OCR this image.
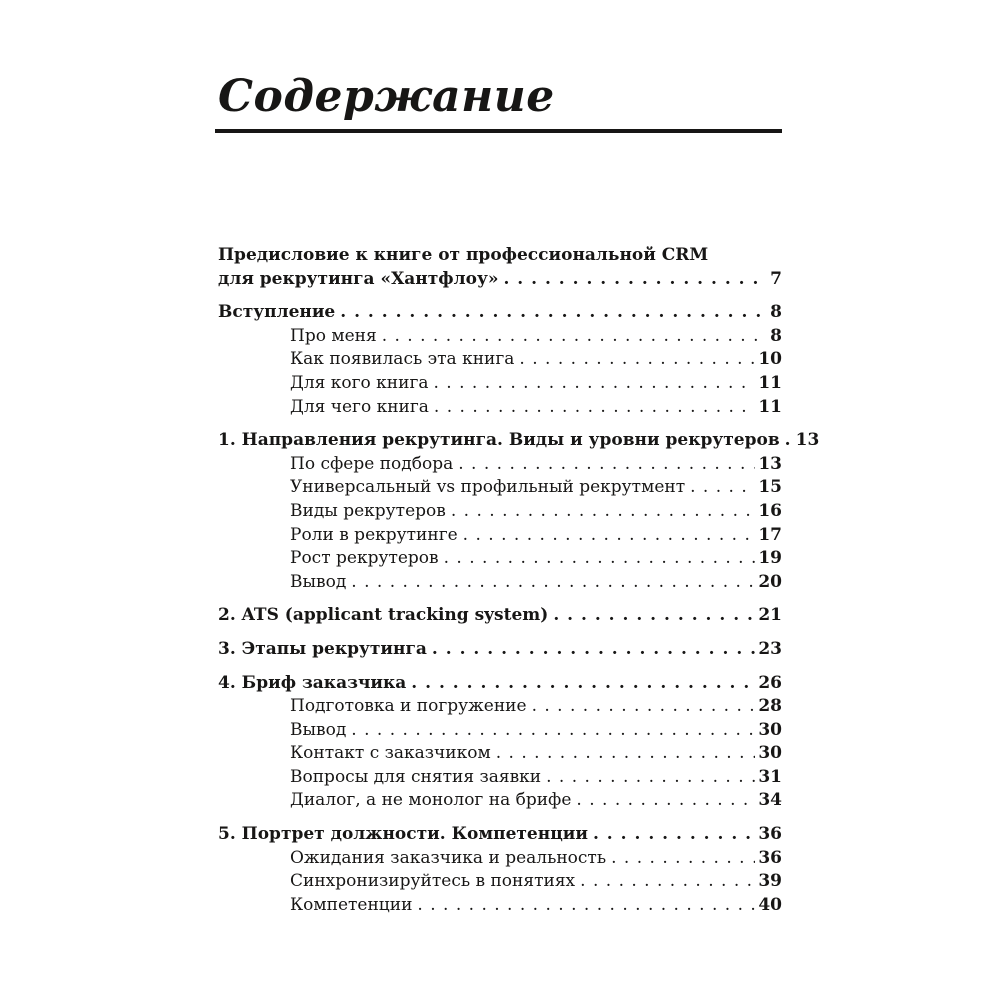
Содержание
Предисловие к книге от профессиональной CRM
для рекрутинга «Хантфлоу» . . .	7
Вступление . . .	8
Про меня . . .	8
Как появилась эта книга . . .	10
Для кого книга . . .	11
Для чего книга . . .	11
1. Направления рекрутинга. Виды и уровни рекрутеров . . . 13
По сфере подбора . . .	13
Универсальный vs профильный рекрутмент . . .	15
Виды рекрутеров . . .	16
Роли в рекрутинге . . .	17
Рост рекрутеров . . .	19
Вывод . . .	20
2. ATS (applicant tracking system) . . .	21
3. Этапы рекрутинга . . .	23
4. Бриф заказчика . . .	26
Подготовка и погружение . . .	28
Вывод . . .	30
Контакт с заказчиком . . .	30
Вопросы для снятия заявки . . .	31
Диалог, а не монолог на брифе . . .	34
5. Портрет должности. Компетенции . . .	36
Ожидания заказчика и реальность . . .	36
Синхронизируйтесь в понятиях . . .	39
Компетенции . . .	40
